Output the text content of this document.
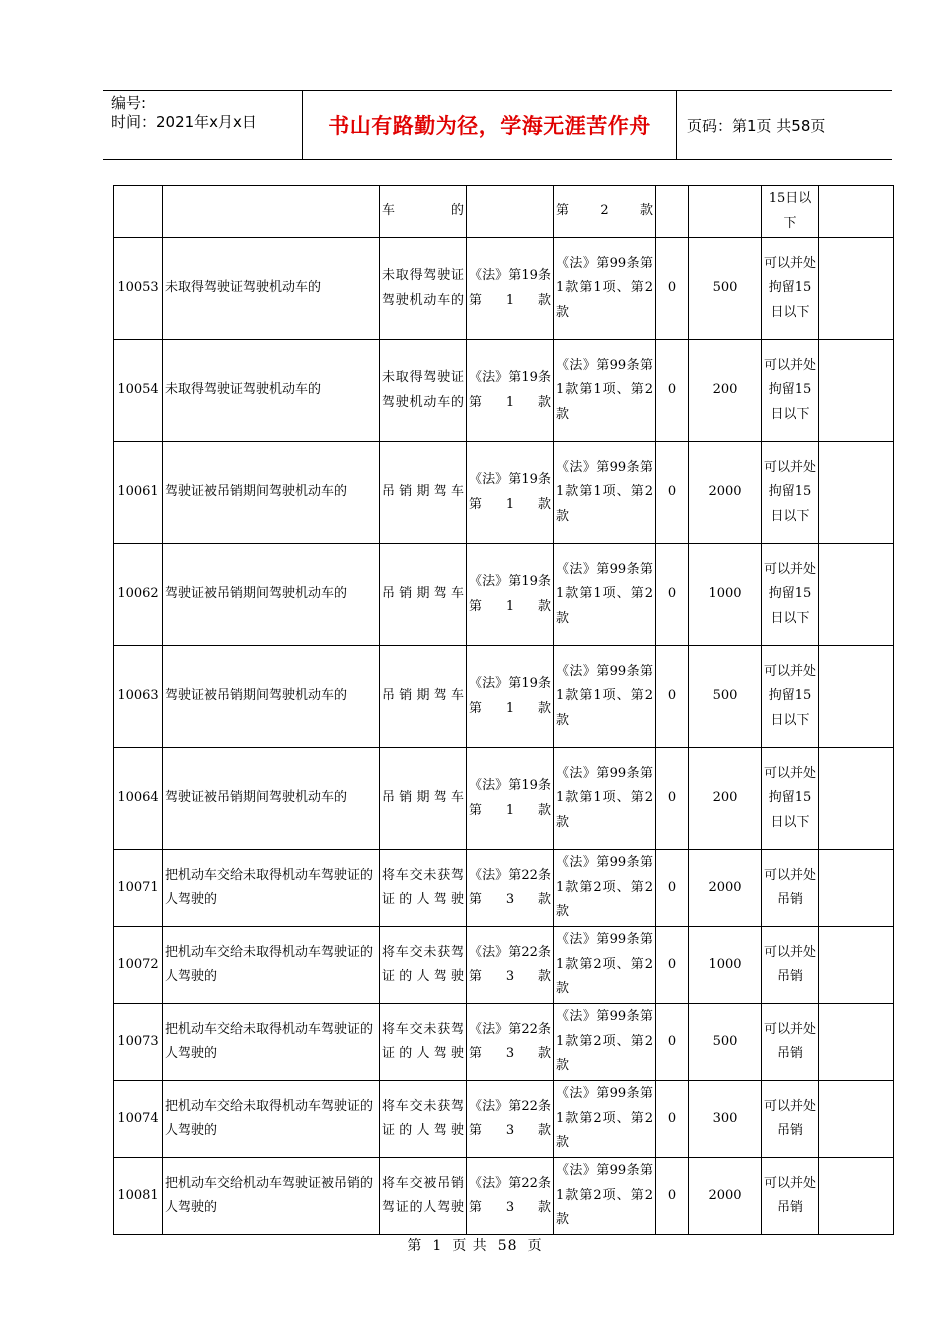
编号:
时间：2021年x月x日	书山有路勤为径，学海无涯苦作舟	页码：第1页 共58页
		车的		第2款			15日以下	
10053	未取得驾驶证驾驶机动车的	未取得驾驶证驾驶机动车的	《法》第19条第1款	《法》第99条第1款第1项、第2款	0	500	可以并处拘留15日以下	
10054	未取得驾驶证驾驶机动车的	未取得驾驶证驾驶机动车的	《法》第19条第1款	《法》第99条第1款第1项、第2款	0	200	可以并处拘留15日以下	
10061	驾驶证被吊销期间驾驶机动车的	吊销期驾车	《法》第19条第1款	《法》第99条第1款第1项、第2款	0	2000	可以并处拘留15日以下	
10062	驾驶证被吊销期间驾驶机动车的	吊销期驾车	《法》第19条第1款	《法》第99条第1款第1项、第2款	0	1000	可以并处拘留15日以下	
10063	驾驶证被吊销期间驾驶机动车的	吊销期驾车	《法》第19条第1款	《法》第99条第1款第1项、第2款	0	500	可以并处拘留15日以下	
10064	驾驶证被吊销期间驾驶机动车的	吊销期驾车	《法》第19条第1款	《法》第99条第1款第1项、第2款	0	200	可以并处拘留15日以下	
10071	把机动车交给未取得机动车驾驶证的人驾驶的	将车交未获驾证的人驾驶	《法》第22条第3款	《法》第99条第1款第2项、第2款	0	2000	可以并处吊销	
10072	把机动车交给未取得机动车驾驶证的人驾驶的	将车交未获驾证的人驾驶	《法》第22条第3款	《法》第99条第1款第2项、第2款	0	1000	可以并处吊销	
10073	把机动车交给未取得机动车驾驶证的人驾驶的	将车交未获驾证的人驾驶	《法》第22条第3款	《法》第99条第1款第2项、第2款	0	500	可以并处吊销	
10074	把机动车交给未取得机动车驾驶证的人驾驶的	将车交未获驾证的人驾驶	《法》第22条第3款	《法》第99条第1款第2项、第2款	0	300	可以并处吊销	
10081	把机动车交给机动车驾驶证被吊销的人驾驶的	将车交被吊销驾证的人驾驶	《法》第22条第3款	《法》第99条第1款第2项、第2款	0	2000	可以并处吊销	
第 1 页 共 58 页
